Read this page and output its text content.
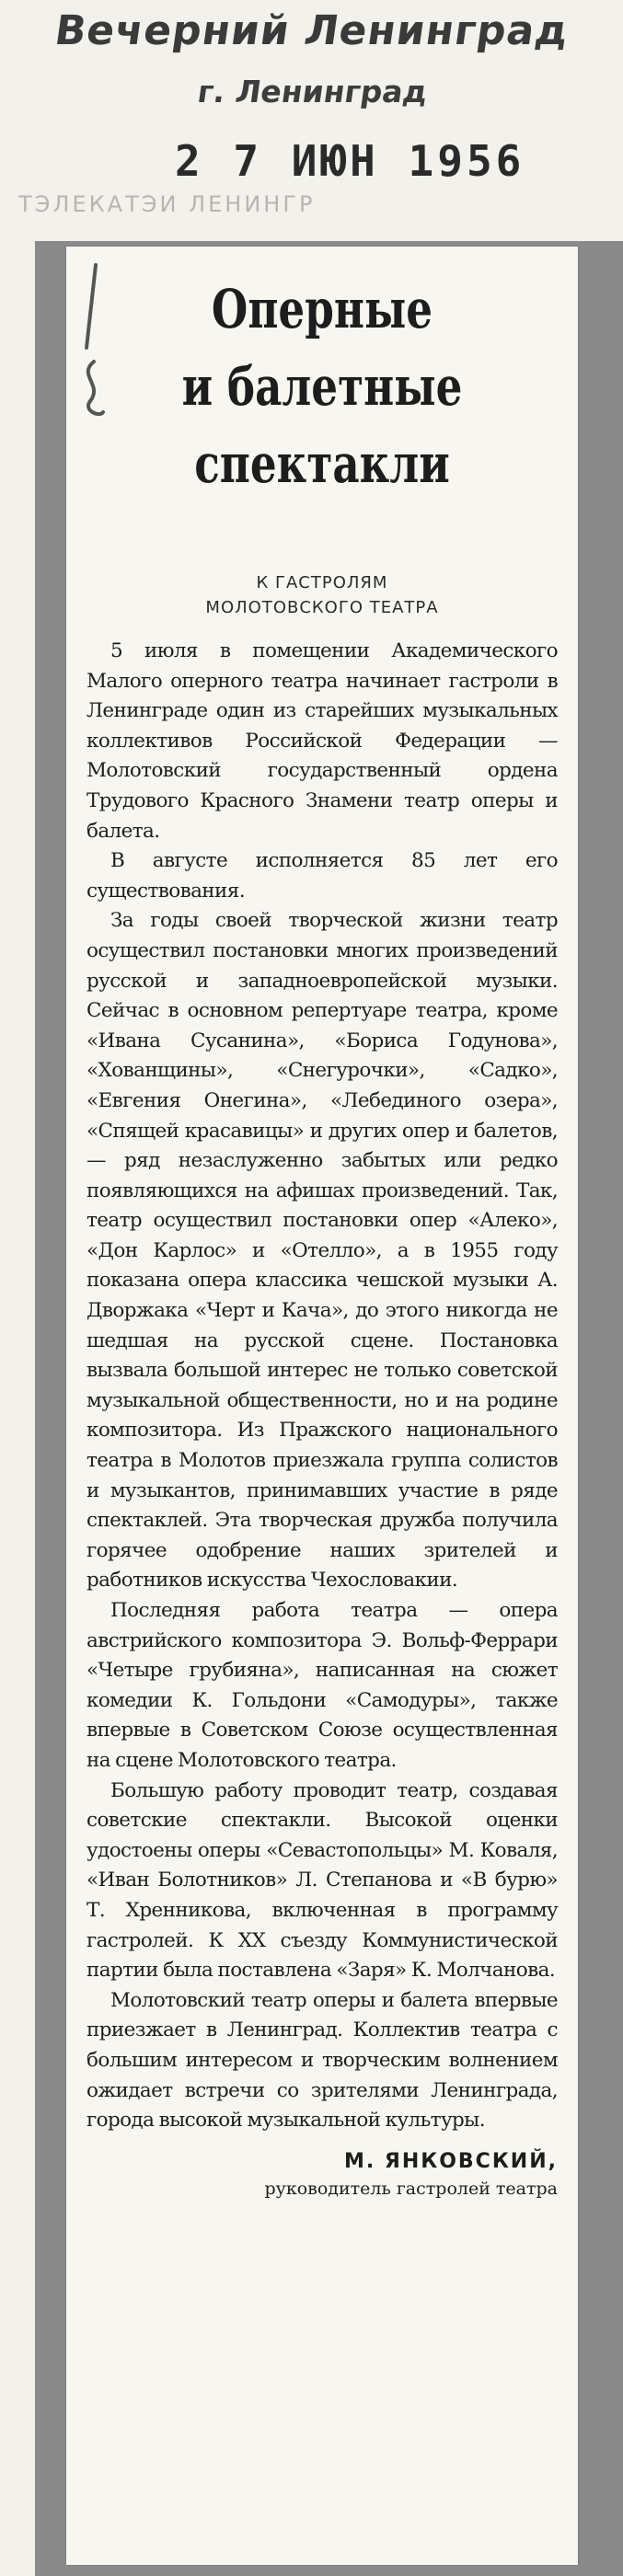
Вечерний Ленинград
г. Ленинград
2 7 ИЮН 1956
ТЭЛЕКАТЭИ ЛЕНИНГР
Оперные
и балетные
спектакли
К ГАСТРОЛЯМ
МОЛОТОВСКОГО ТЕАТРА

5 июля в помещении Академического Малого оперного театра начинает гастроли в Ленинграде один из старейших музыкальных коллективов Российской Федерации — Молотовский государственный ордена Трудового Красного Знамени театр оперы и балета.

В августе исполняется 85 лет его существования.

За годы своей творческой жизни театр осуществил постановки многих произведений русской и западноевропейской музыки. Сейчас в основном репертуаре театра, кроме «Ивана Сусанина», «Бориса Годунова», «Хованщины», «Снегурочки», «Садко», «Евгения Онегина», «Лебединого озера», «Спящей красавицы» и других опер и балетов, — ряд незаслуженно забытых или редко появляющихся на афишах произведений. Так, театр осуществил постановки опер «Алеко», «Дон Карлос» и «Отелло», а в 1955 году показана опера классика чешской музыки А. Дворжака «Черт и Кача», до этого никогда не шедшая на русской сцене. Постановка вызвала большой интерес не только советской музыкальной общественности, но и на родине композитора. Из Пражского национального театра в Молотов приезжала группа солистов и музыкантов, принимавших участие в ряде спектаклей. Эта творческая дружба получила горячее одобрение наших зрителей и работников искусства Чехословакии.

Последняя работа театра — опера австрийского композитора Э. Вольф-Феррари «Четыре грубияна», написанная на сюжет комедии К. Гольдони «Самодуры», также впервые в Советском Союзе осуществленная на сцене Молотовского театра.

Большую работу проводит театр, создавая советские спектакли. Высокой оценки удостоены оперы «Севастопольцы» М. Коваля, «Иван Болотников» Л. Степанова и «В бурю» Т. Хренникова, включенная в программу гастролей. К XX съезду Коммунистической партии была поставлена «Заря» К. Молчанова.

Молотовский театр оперы и балета впервые приезжает в Ленинград. Коллектив театра с большим интересом и творческим волнением ожидает встречи со зрителями Ленинграда, города высокой музыкальной культуры.

М. ЯНКОВСКИЙ,
руководитель гастролей театра
